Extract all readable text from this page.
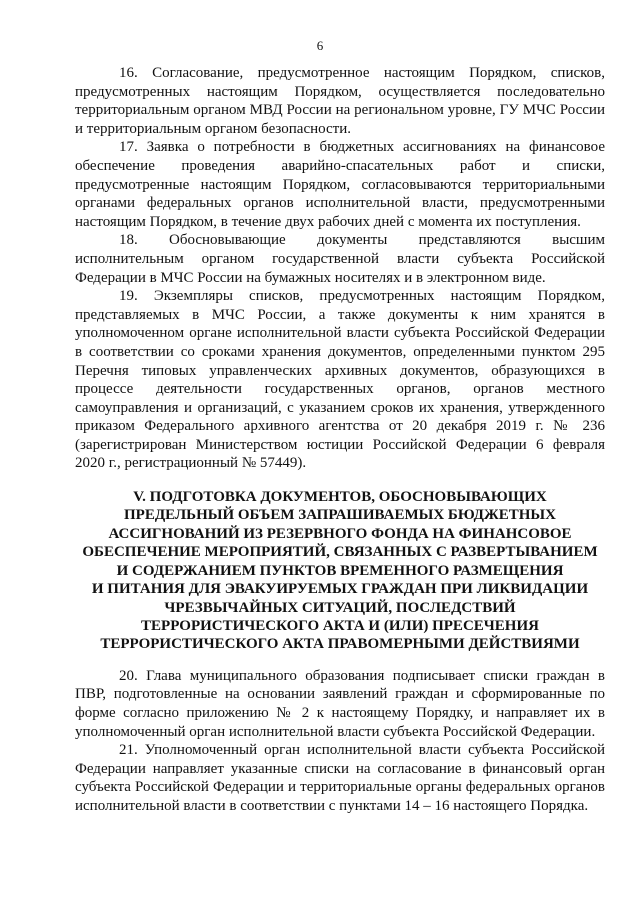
6

16. Согласование, предусмотренное настоящим Порядком, списков, предусмотренных настоящим Порядком, осуществляется последовательно территориальным органом МВД России на региональном уровне, ГУ МЧС России и территориальным органом безопасности.

17. Заявка о потребности в бюджетных ассигнованиях на финансовое обеспечение проведения аварийно-спасательных работ и списки, предусмотренные настоящим Порядком, согласовываются территориальными органами федеральных органов исполнительной власти, предусмотренными настоящим Порядком, в течение двух рабочих дней с момента их поступления.

18. Обосновывающие документы представляются высшим исполнительным органом государственной власти субъекта Российской Федерации в МЧС России на бумажных носителях и в электронном виде.

19. Экземпляры списков, предусмотренных настоящим Порядком, представляемых в МЧС России, а также документы к ним хранятся в уполномоченном органе исполнительной власти субъекта Российской Федерации в соответствии со сроками хранения документов, определенными пунктом 295 Перечня типовых управленческих архивных документов, образующихся в процессе деятельности государственных органов, органов местного самоуправления и организаций, с указанием сроков их хранения, утвержденного приказом Федерального архивного агентства от 20 декабря 2019 г. № 236 (зарегистрирован Министерством юстиции Российской Федерации 6 февраля 2020 г., регистрационный № 57449).

V. ПОДГОТОВКА ДОКУМЕНТОВ, ОБОСНОВЫВАЮЩИХ
ПРЕДЕЛЬНЫЙ ОБЪЕМ ЗАПРАШИВАЕМЫХ БЮДЖЕТНЫХ
АССИГНОВАНИЙ ИЗ РЕЗЕРВНОГО ФОНДА НА ФИНАНСОВОЕ
ОБЕСПЕЧЕНИЕ МЕРОПРИЯТИЙ, СВЯЗАННЫХ С РАЗВЕРТЫВАНИЕМ
И СОДЕРЖАНИЕМ ПУНКТОВ ВРЕМЕННОГО РАЗМЕЩЕНИЯ
И ПИТАНИЯ ДЛЯ ЭВАКУИРУЕМЫХ ГРАЖДАН ПРИ ЛИКВИДАЦИИ
ЧРЕЗВЫЧАЙНЫХ СИТУАЦИЙ, ПОСЛЕДСТВИЙ
ТЕРРОРИСТИЧЕСКОГО АКТА И (ИЛИ) ПРЕСЕЧЕНИЯ
ТЕРРОРИСТИЧЕСКОГО АКТА ПРАВОМЕРНЫМИ ДЕЙСТВИЯМИ

20. Глава муниципального образования подписывает списки граждан в ПВР, подготовленные на основании заявлений граждан и сформированные по форме согласно приложению № 2 к настоящему Порядку, и направляет их в уполномоченный орган исполнительной власти субъекта Российской Федерации.

21. Уполномоченный орган исполнительной власти субъекта Российской Федерации направляет указанные списки на согласование в финансовый орган субъекта Российской Федерации и территориальные органы федеральных органов исполнительной власти в соответствии с пунктами 14 – 16 настоящего Порядка.
